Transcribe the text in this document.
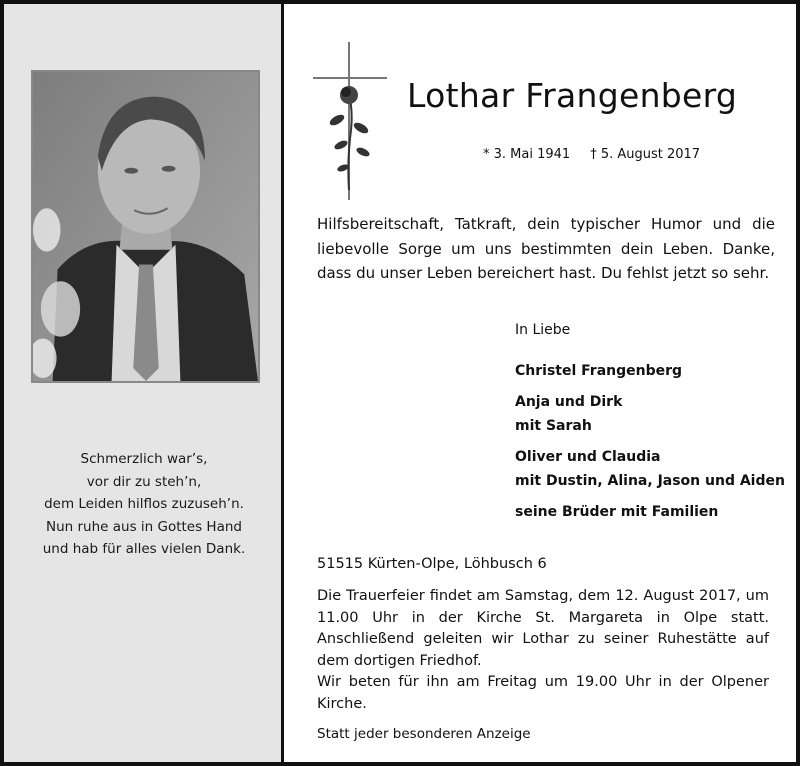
Schmerzlich war’s,
vor dir zu steh’n,
dem Leiden hilflos zuzuseh’n.
Nun ruhe aus in Gottes Hand
und hab für alles vielen Dank.
Lothar Frangenberg
* 3. Mai 1941 † 5. August 2017

Hilfsbereitschaft, Tatkraft, dein typischer Humor und die liebevolle Sorge um uns bestimmten dein Leben. Danke, dass du unser Leben bereichert hast. Du fehlst jetzt so sehr.

In Liebe
Christel Frangenberg
Anja und Dirk
mit Sarah
Oliver und Claudia
mit Dustin, Alina, Jason und Aiden
seine Brüder mit Familien
51515 Kürten-Olpe, Löhbusch 6
Die Trauerfeier findet am Samstag, dem 12. August 2017, um 11.00 Uhr in der Kirche St. Margareta in Olpe statt. Anschließend geleiten wir Lothar zu seiner Ruhestätte auf dem dortigen Friedhof.
Wir beten für ihn am Freitag um 19.00 Uhr in der Olpener Kirche.
Statt jeder besonderen Anzeige
